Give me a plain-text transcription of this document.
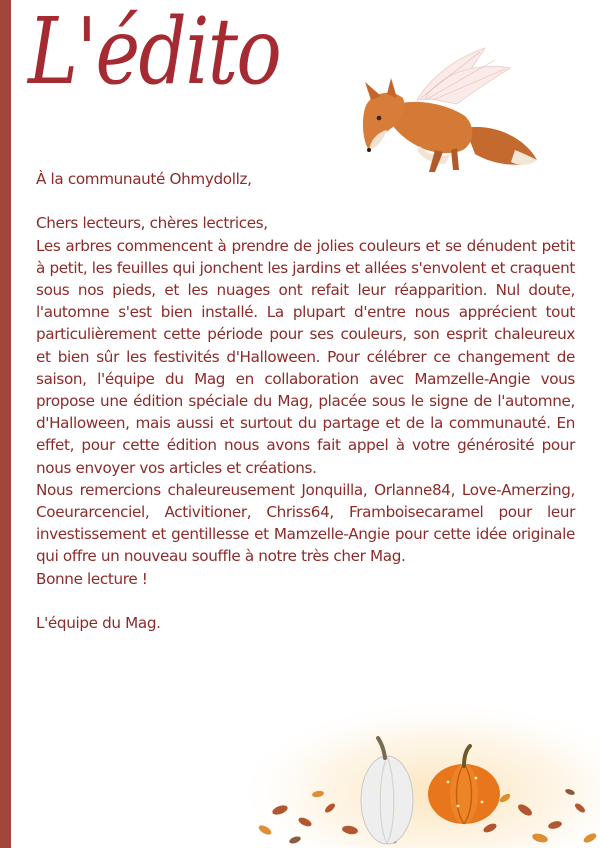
L'édito

À la communauté Ohmydollz,

Chers lecteurs, chères lectrices,

Les arbres commencent à prendre de jolies couleurs et se dénudent petit à petit, les feuilles qui jonchent les jardins et allées s'envolent et craquent sous nos pieds, et les nuages ont refait leur réapparition. Nul doute, l'automne s'est bien installé. La plupart d'entre nous apprécient tout particulièrement cette période pour ses couleurs, son esprit chaleureux et bien sûr les festivités d'Halloween. Pour célébrer ce changement de saison, l'équipe du Mag en collaboration avec Mamzelle-Angie vous propose une édition spéciale du Mag, placée sous le signe de l'automne, d'Halloween, mais aussi et surtout du partage et de la communauté. En effet, pour cette édition nous avons fait appel à votre générosité pour nous envoyer vos articles et créations.

Nous remercions chaleureusement Jonquilla, Orlanne84, Love-Amerzing, Coeurarcenciel, Activitioner, Chriss64, Framboisecaramel pour leur investissement et gentillesse et Mamzelle-Angie pour cette idée originale qui offre un nouveau souffle à notre très cher Mag.

Bonne lecture !

L'équipe du Mag.
